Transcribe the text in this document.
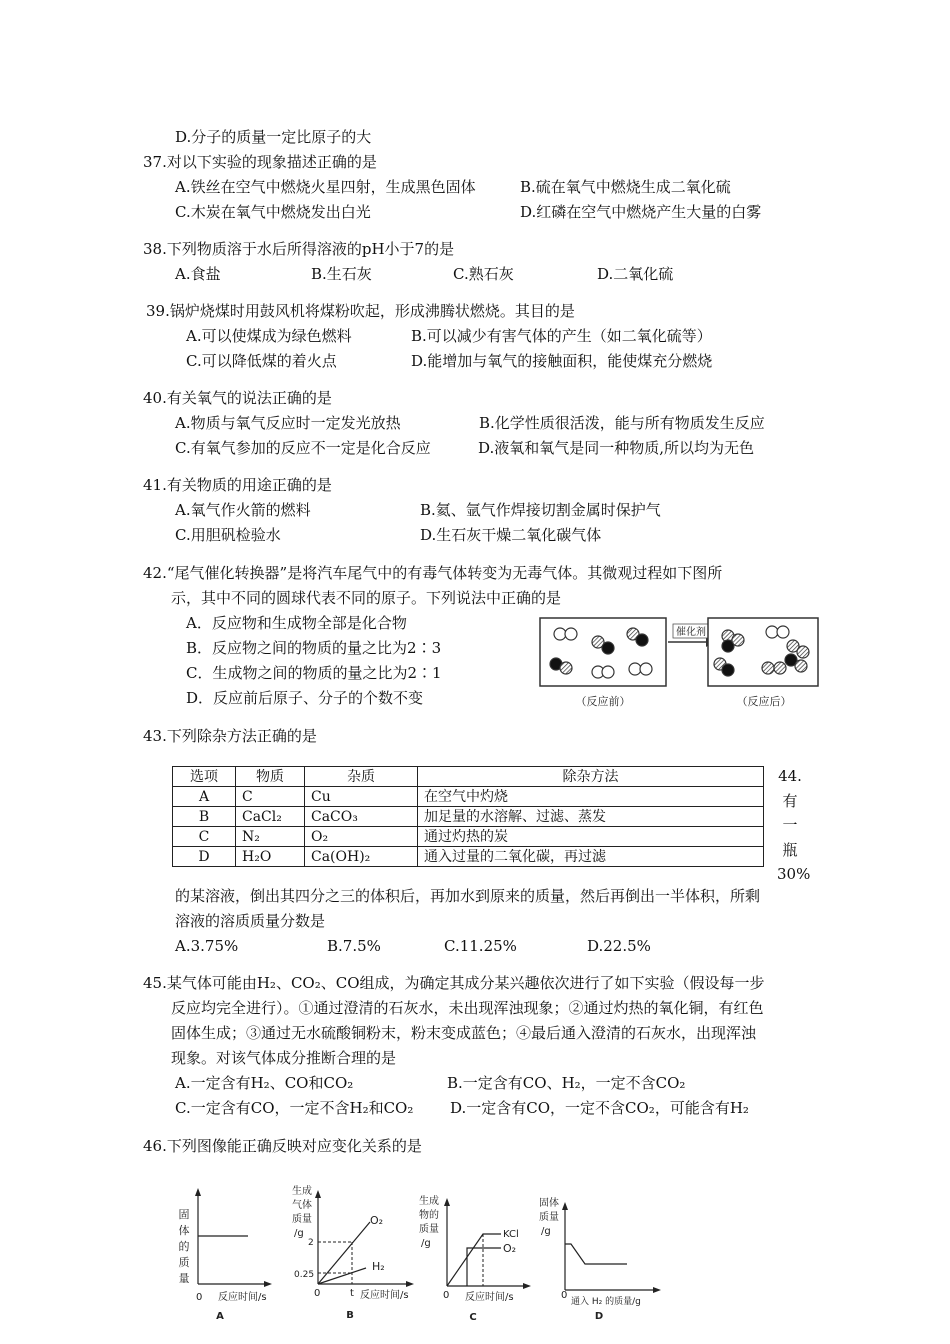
D.分子的质量一定比原子的大
37.对以下实验的现象描述正确的是
A.铁丝在空气中燃烧火星四射，生成黑色固体	B.硫在氧气中燃烧生成二氧化硫
C.木炭在氧气中燃烧发出白光	D.红磷在空气中燃烧产生大量的白雾
38.下列物质溶于水后所得溶液的pH小于7的是
A.食盐	B.生石灰	C.熟石灰	D.二氧化硫
39.锅炉烧煤时用鼓风机将煤粉吹起，形成沸腾状燃烧。其目的是
A.可以使煤成为绿色燃料	B.可以减少有害气体的产生（如二氧化硫等）
C.可以降低煤的着火点	D.能增加与氧气的接触面积，能使煤充分燃烧
40.有关氧气的说法正确的是
A.物质与氧气反应时一定发光放热	B.化学性质很活泼，能与所有物质发生反应
C.有氧气参加的反应不一定是化合反应	D.液氧和氧气是同一种物质,所以均为无色
41.有关物质的用途正确的是
A.氧气作火箭的燃料	B.氦、氩气作焊接切割金属时保护气
C.用胆矾检验水	D.生石灰干燥二氧化碳气体
42.“尾气催化转换器”是将汽车尾气中的有毒气体转变为无毒气体。其微观过程如下图所
示，其中不同的圆球代表不同的原子。下列说法中正确的是
A．反应物和生成物全部是化合物
B．反应物之间的物质的量之比为2∶3
C．生成物之间的物质的量之比为2∶1
D．反应前后原子、分子的个数不变
催化剂
（反应前）	（反应后）
43.下列除杂方法正确的是
选项	物质	杂质	除杂方法
A	C	Cu	在空气中灼烧
B	CaCl₂	CaCO₃	加足量的水溶解、过滤、蒸发
C	N₂	O₂	通过灼热的炭
D	H₂O	Ca(OH)₂	通入过量的二氧化碳，再过滤
44.
有
一
瓶
30%
的某溶液，倒出其四分之三的体积后，再加水到原来的质量，然后再倒出一半体积，所剩
溶液的溶质质量分数是
A.3.75%	B.7.5%	C.11.25%	D.22.5%
45.某气体可能由H₂、CO₂、CO组成，为确定其成分某兴趣依次进行了如下实验（假设每一步
反应均完全进行）。①通过澄清的石灰水，未出现浑浊现象；②通过灼热的氧化铜，有红色
固体生成；③通过无水硫酸铜粉末，粉末变成蓝色；④最后通入澄清的石灰水，出现浑浊
现象。对该气体成分推断合理的是
A.一定含有H₂、CO和CO₂	B.一定含有CO、H₂，一定不含CO₂
C.一定含有CO，一定不含H₂和CO₂ D.一定含有CO，一定不含CO₂，可能含有H₂
46.下列图像能正确反映对应变化关系的是
固
体
的
质
量
0 反应时间/s
A
生成
气体
质量
/g
2
0.25
O₂
H₂
0	t 反应时间/s
B
生成
物的
质量
/g
KCl
O₂
0 反应时间/s
C
固体
质量
/g
0
通入 H₂ 的质量/g
D
